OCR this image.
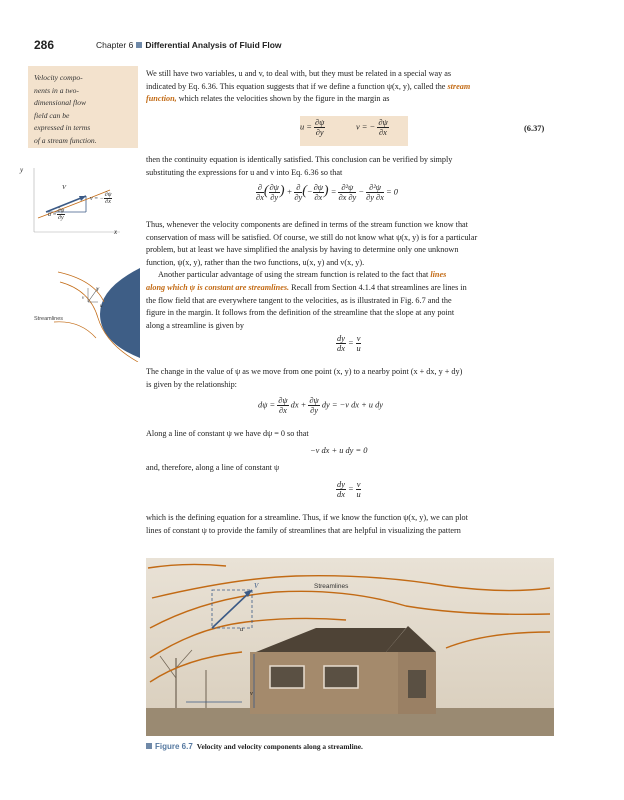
286	Chapter 6 Differential Analysis of Fluid Flow
Velocity compo-
nents in a two-
dimensional flow
field can be
expressed in terms
of a stream function.
We still have two variables, u and v, to deal with, but they must be related in a special way as
indicated by Eq. 6.36. This equation suggests that if we define a function ψ(x, y), called the stream
function, which relates the velocities shown by the figure in the margin as
$u = \frac{\partial\psi}{\partial y}$	v = − $\frac{\partial\psi}{\partial x}$	(6.37)
then the continuity equation is identically satisfied. This conclusion can be verified by simply
substituting the expressions for u and v into Eq. 6.36 so that
$\frac{\partial}{\partial x}$ ( $\frac{\partial\psi}{\partial y}$ ) + $\frac{\partial}{\partial y}$ (− $\frac{\partial\psi}{\partial x}$ ) = $\frac{\text{∂²ψ}}{\partial x \partial y} - \frac{\text{∂²ψ}}{\partial y \partial x} = 0$
Thus, whenever the velocity components are defined in terms of the stream function we know that
conservation of mass will be satisfied. Of course, we still do not know what ψ(x, y) is for a particular
problem, but at least we have simplified the analysis by having to determine only one unknown
function, ψ(x, y), rather than the two functions, u(x, y) and v(x, y).
Another particular advantage of using the stream function is related to the fact that lines
along which ψ is constant are streamlines. Recall from Section 4.1.4 that streamlines are lines in
the flow field that are everywhere tangent to the velocities, as is illustrated in Fig. 6.7 and the
figure in the margin. It follows from the definition of the streamline that the slope at any point
along a streamline is given by
$\frac{dy}{dx} = \frac{v}{u}$
The change in the value of ψ as we move from one point (x, y) to a nearby point (x + dx, y + dy)
is given by the relationship:
$d\psi = \frac{\partial\psi}{\partial x}$ dx + $\frac{\partial\psi}{\partial y}$ dy = −v dx + u dy
Along a line of constant ψ we have dψ = 0 so that
−v dx + u dy = 0
and, therefore, along a line of constant ψ
$\frac{dy}{dx} = \frac{v}{u}$
which is the defining equation for a streamline. Thus, if we know the function ψ(x, y), we can plot
lines of constant ψ to provide the family of streamlines that are helpful in visualizing the pattern
y
x
V
v = − $\frac{\partial\psi}{\partial x}$
$u = \frac{\partial\psi}{\partial y}$
Streamlines
V
v
u
Streamlines
V
u
v
Figure 6.7 Velocity and velocity components along a streamline.
